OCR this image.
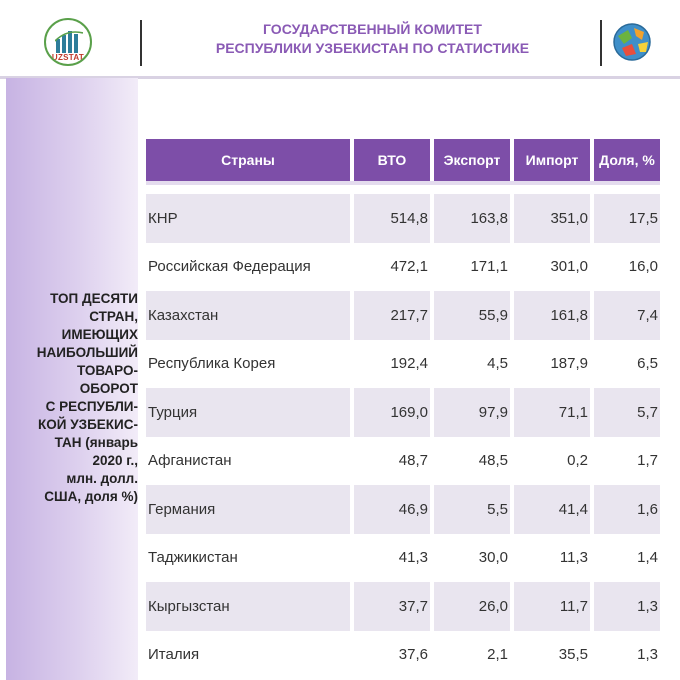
UZSTAT
ГОСУДАРСТВЕННЫЙ КОМИТЕТ
РЕСПУБЛИКИ УЗБЕКИСТАН ПО СТАТИСТИКЕ
ТОП ДЕСЯТИ
СТРАН,
ИМЕЮЩИХ
НАИБОЛЬШИЙ
ТОВАРО-
ОБОРОТ
С РЕСПУБЛИ-
КОЙ УЗБЕКИС-
ТАН (январь
2020 г.,
млн. долл.
США, доля %)
Страны	ВТО	Экспорт	Импорт	Доля, %
КНР	514,8	163,8	351,0	17,5
Российская Федерация	472,1	171,1	301,0	16,0
Казахстан	217,7	55,9	161,8	7,4
Республика Корея	192,4	4,5	187,9	6,5
Турция	169,0	97,9	71,1	5,7
Афганистан	48,7	48,5	0,2	1,7
Германия	46,9	5,5	41,4	1,6
Таджикистан	41,3	30,0	11,3	1,4
Кыргызстан	37,7	26,0	11,7	1,3
Италия	37,6	2,1	35,5	1,3
